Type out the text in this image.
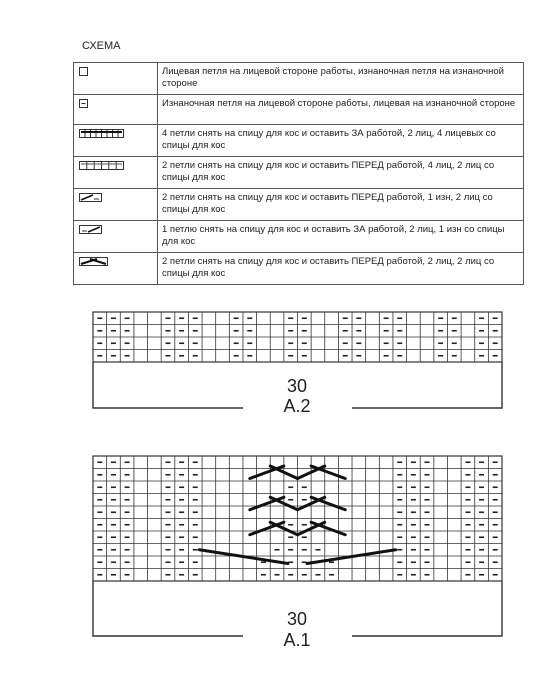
СХЕМА
	Лицевая петля на лицевой стороне работы, изнаночная петля на изнаночной стороне

	Изнаночная петля на лицевой стороне работы, лицевая на изнаночной стороне

	4 петли снять на спицу для кос и оставить ЗА работой, 2 лиц, 4 лицевых со спицы для кос

	2 петли снять на спицу для кос и оставить ПЕРЕД работой, 4 лиц, 2 лиц со спицы для кос

	2 петли снять на спицу для кос и оставить ПЕРЕД работой, 1 изн, 2 лиц со спицы для кос

	1 петлю снять на спицу для кос и оставить ЗА работой, 2 лиц, 1 изн со спицы для кос

	2 петли снять на спицу для кос и оставить ПЕРЕД работой, 2 лиц, 2 лиц со спицы для кос
30
A.2
30
A.1
